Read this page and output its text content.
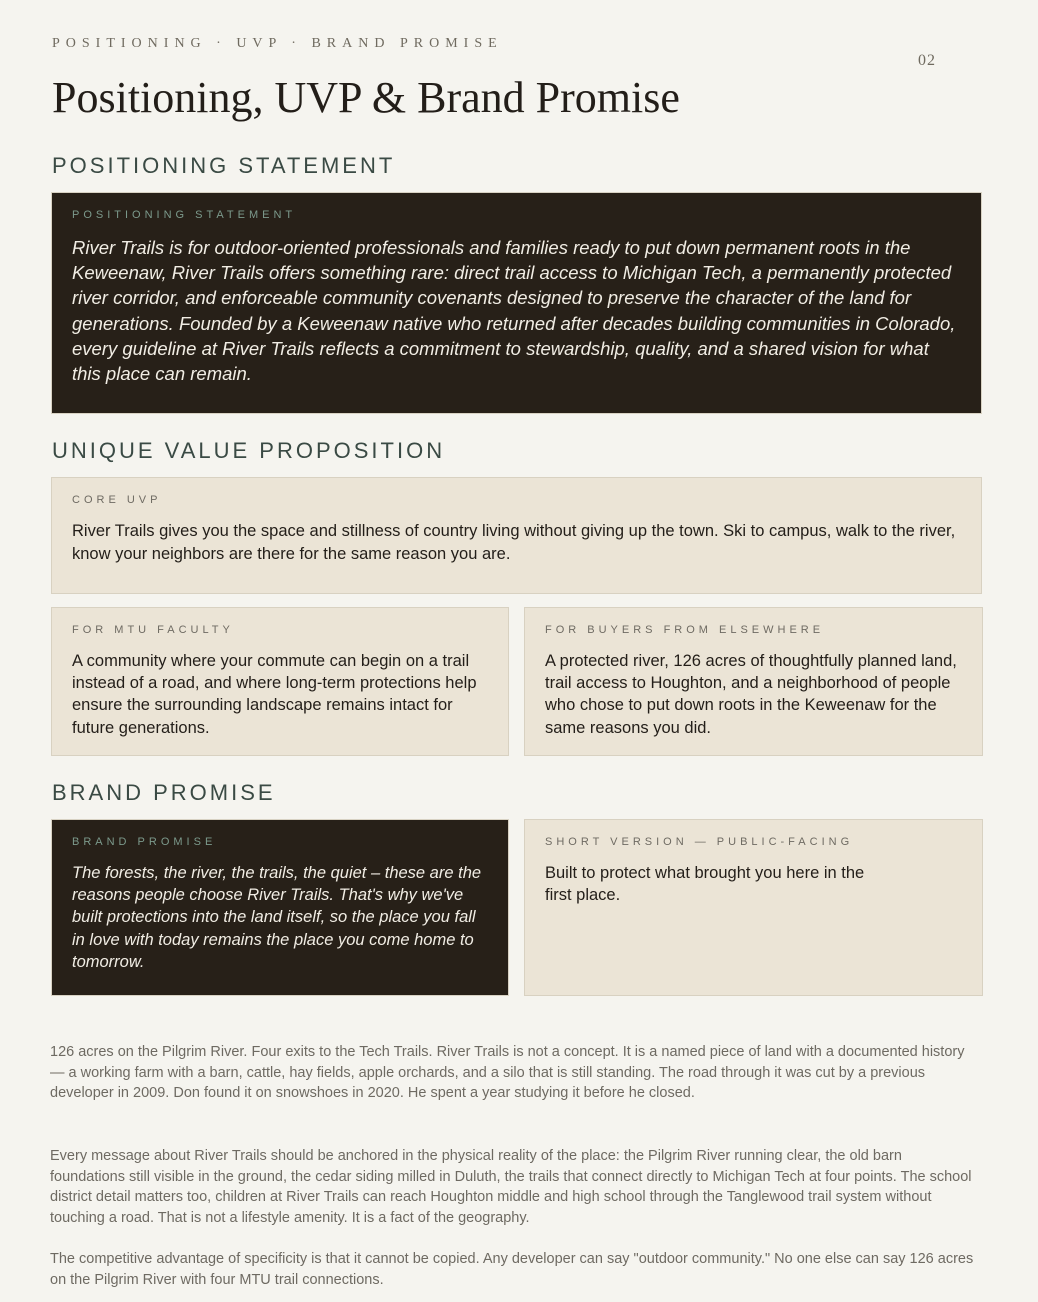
POSITIONING · UVP · BRAND PROMISE
02
Positioning, UVP & Brand Promise
POSITIONING STATEMENT

POSITIONING STATEMENT

River Trails is for outdoor-oriented professionals and families ready to put down permanent roots in the Keweenaw, River Trails offers something rare: direct trail access to Michigan Tech, a permanently protected river corridor, and enforceable community covenants designed to preserve the character of the land for generations. Founded by a Keweenaw native who returned after decades building communities in Colorado, every guideline at River Trails reflects a commitment to stewardship, quality, and a shared vision for what this place can remain.

UNIQUE VALUE PROPOSITION

CORE UVP

River Trails gives you the space and stillness of country living without giving up the town. Ski to campus, walk to the river, know your neighbors are there for the same reason you are.

FOR MTU FACULTY

A community where your commute can begin on a trail instead of a road, and where long-term protections help ensure the surrounding landscape remains intact for future generations.

FOR BUYERS FROM ELSEWHERE

A protected river, 126 acres of thoughtfully planned land, trail access to Houghton, and a neighborhood of people who chose to put down roots in the Keweenaw for the same reasons you did.

BRAND PROMISE

BRAND PROMISE

The forests, the river, the trails, the quiet – these are the reasons people choose River Trails. That's why we've built protections into the land itself, so the place you fall in love with today remains the place you come home to tomorrow.

SHORT VERSION — PUBLIC-FACING

Built to protect what brought you here in the first place.

126 acres on the Pilgrim River. Four exits to the Tech Trails. River Trails is not a concept. It is a named piece of land with a documented history — a working farm with a barn, cattle, hay fields, apple orchards, and a silo that is still standing. The road through it was cut by a previous developer in 2009. Don found it on snowshoes in 2020. He spent a year studying it before he closed.

Every message about River Trails should be anchored in the physical reality of the place: the Pilgrim River running clear, the old barn foundations still visible in the ground, the cedar siding milled in Duluth, the trails that connect directly to Michigan Tech at four points. The school district detail matters too, children at River Trails can reach Houghton middle and high school through the Tanglewood trail system without touching a road. That is not a lifestyle amenity. It is a fact of the geography.

The competitive advantage of specificity is that it cannot be copied. Any developer can say "outdoor community." No one else can say 126 acres on the Pilgrim River with four MTU trail connections.
